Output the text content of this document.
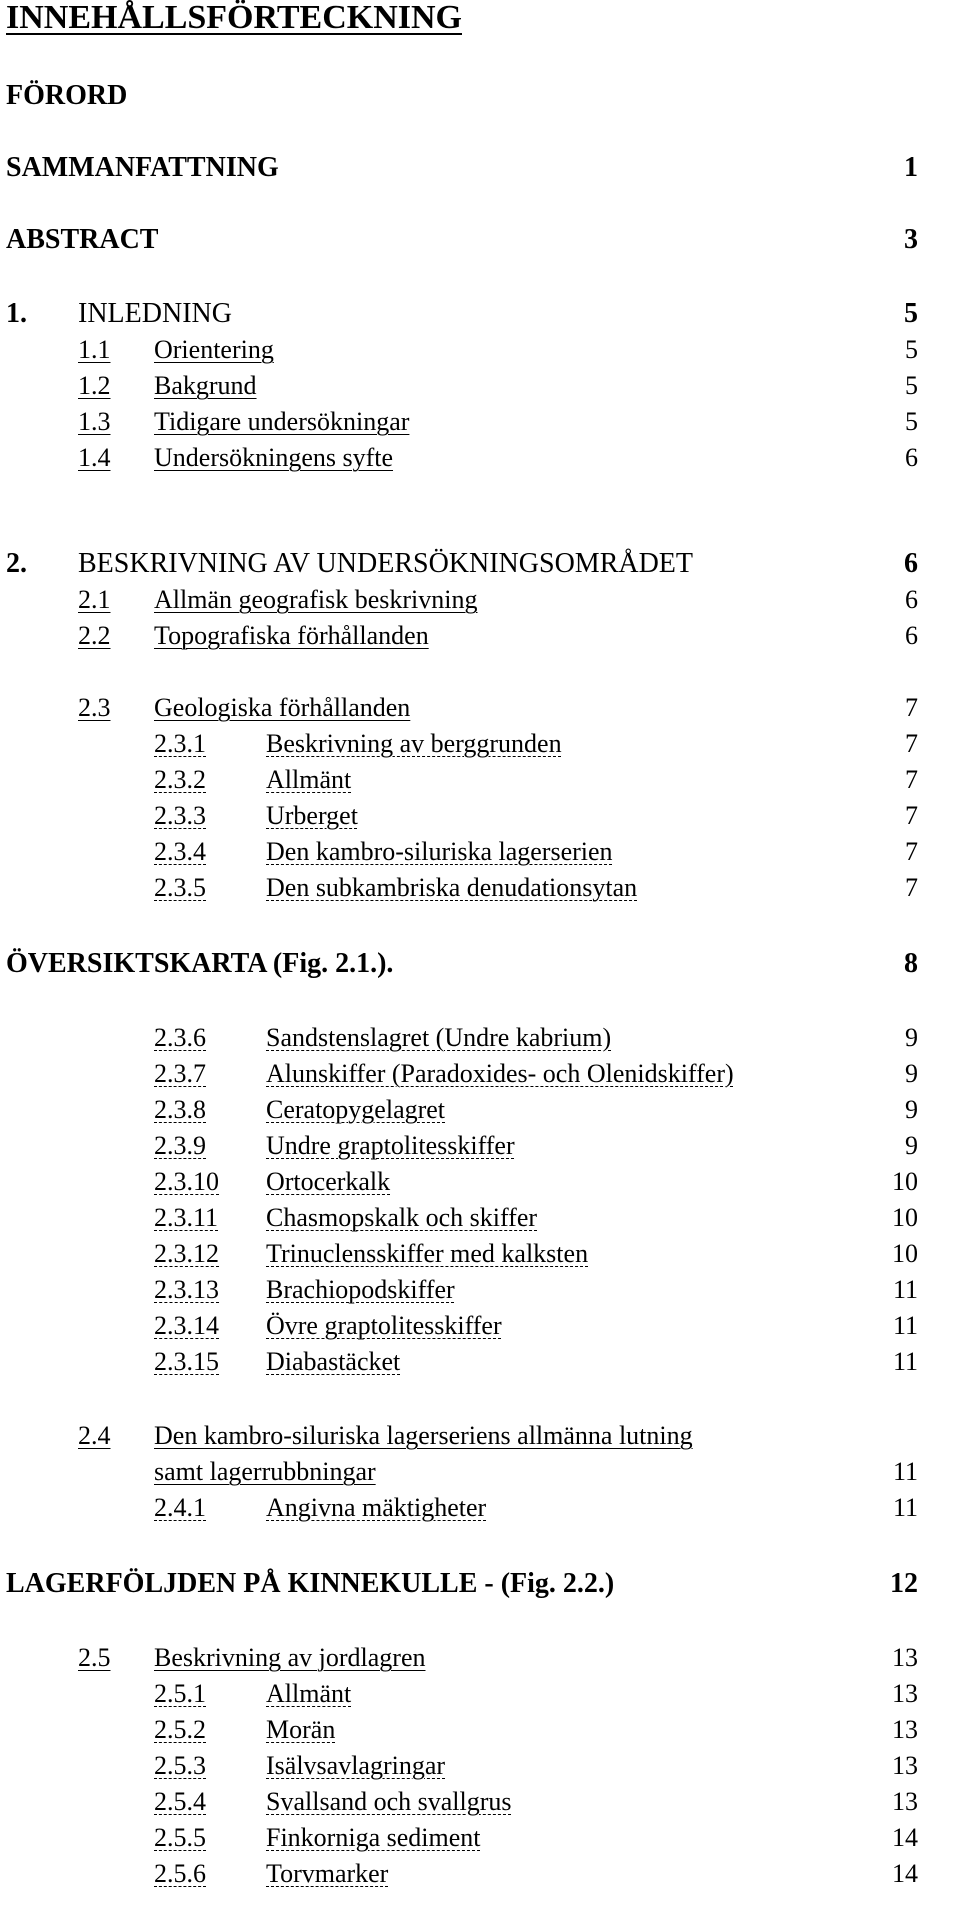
INNEHÅLLSFÖRTECKNING
FÖRORD
SAMMANFATTNING	1
ABSTRACT	3
1. INLEDNING	5
1.1 Orientering	5
1.2 Bakgrund	5
1.3 Tidigare undersökningar	5
1.4 Undersökningens syfte	6
2. BESKRIVNING AV UNDERSÖKNINGSOMRÅDET	6
2.1 Allmän geografisk beskrivning	6
2.2 Topografiska förhållanden	6
2.3 Geologiska förhållanden	7
2.3.1 Beskrivning av berggrunden	7
2.3.2 Allmänt	7
2.3.3 Urberget	7
2.3.4 Den kambro-siluriska lagerserien	7
2.3.5 Den subkambriska denudationsytan	7
ÖVERSIKTSKARTA (Fig. 2.1.).	8
2.3.6 Sandstenslagret (Undre kabrium)	9
2.3.7 Alunskiffer (Paradoxides- och Olenidskiffer)	9
2.3.8 Ceratopygelagret	9
2.3.9 Undre graptolitesskiffer	9
2.3.10 Ortocerkalk	10
2.3.11 Chasmopskalk och skiffer	10
2.3.12 Trinuclensskiffer med kalksten	10
2.3.13 Brachiopodskiffer	11
2.3.14 Övre graptolitesskiffer	11
2.3.15 Diabastäcket	11
2.4 Den kambro-siluriska lagerseriens allmänna lutning
samt lagerrubbningar	11
2.4.1 Angivna mäktigheter	11
LAGERFÖLJDEN PÅ KINNEKULLE - (Fig. 2.2.)	12
2.5 Beskrivning av jordlagren	13
2.5.1 Allmänt	13
2.5.2 Morän	13
2.5.3 Isälvsavlagringar	13
2.5.4 Svallsand och svallgrus	13
2.5.5 Finkorniga sediment	14
2.5.6 Torvmarker	14
